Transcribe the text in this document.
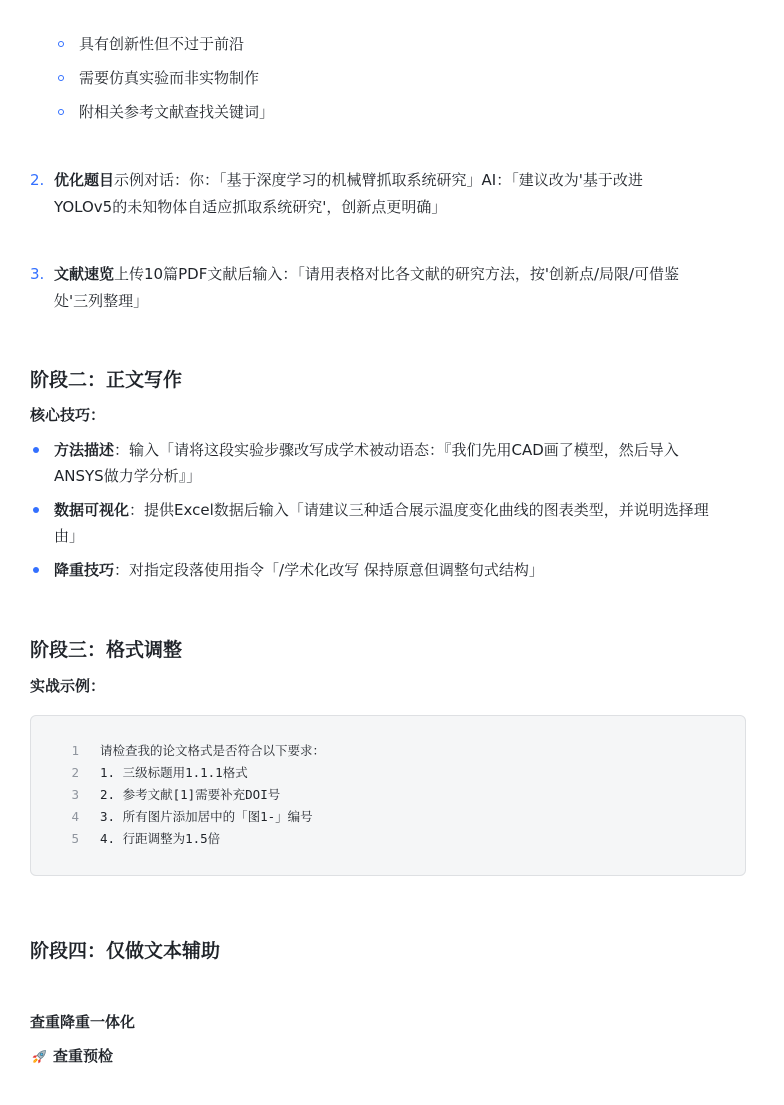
具有创新性但不过于前沿
需要仿真实验而非实物制作
附相关参考文献查找关键词」
2. 优化题目示例对话：你：「基于深度学习的机械臂抓取系统研究」AI：「建议改为'基于改进
YOLOv5的未知物体自适应抓取系统研究'，创新点更明确」
3. 文献速览上传10篇PDF文献后输入：「请用表格对比各文献的研究方法，按'创新点/局限/可借鉴
处'三列整理」
阶段二：正文写作
核心技巧：
方法描述：输入「请将这段实验步骤改写成学术被动语态：『我们先用CAD画了模型，然后导入
ANSYS做力学分析』」
数据可视化：提供Excel数据后输入「请建议三种适合展示温度变化曲线的图表类型，并说明选择理
由」
降重技巧：对指定段落使用指令「/学术化改写 保持原意但调整句式结构」
阶段三：格式调整
实战示例：
1 请检查我的论文格式是否符合以下要求：
2 1. 三级标题用1.1.1格式
3 2. 参考文献[1]需要补充DOI号
4 3. 所有图片添加居中的「图1-」编号
5 4. 行距调整为1.5倍
阶段四：仅做文本辅助
查重降重一体化
查重预检
